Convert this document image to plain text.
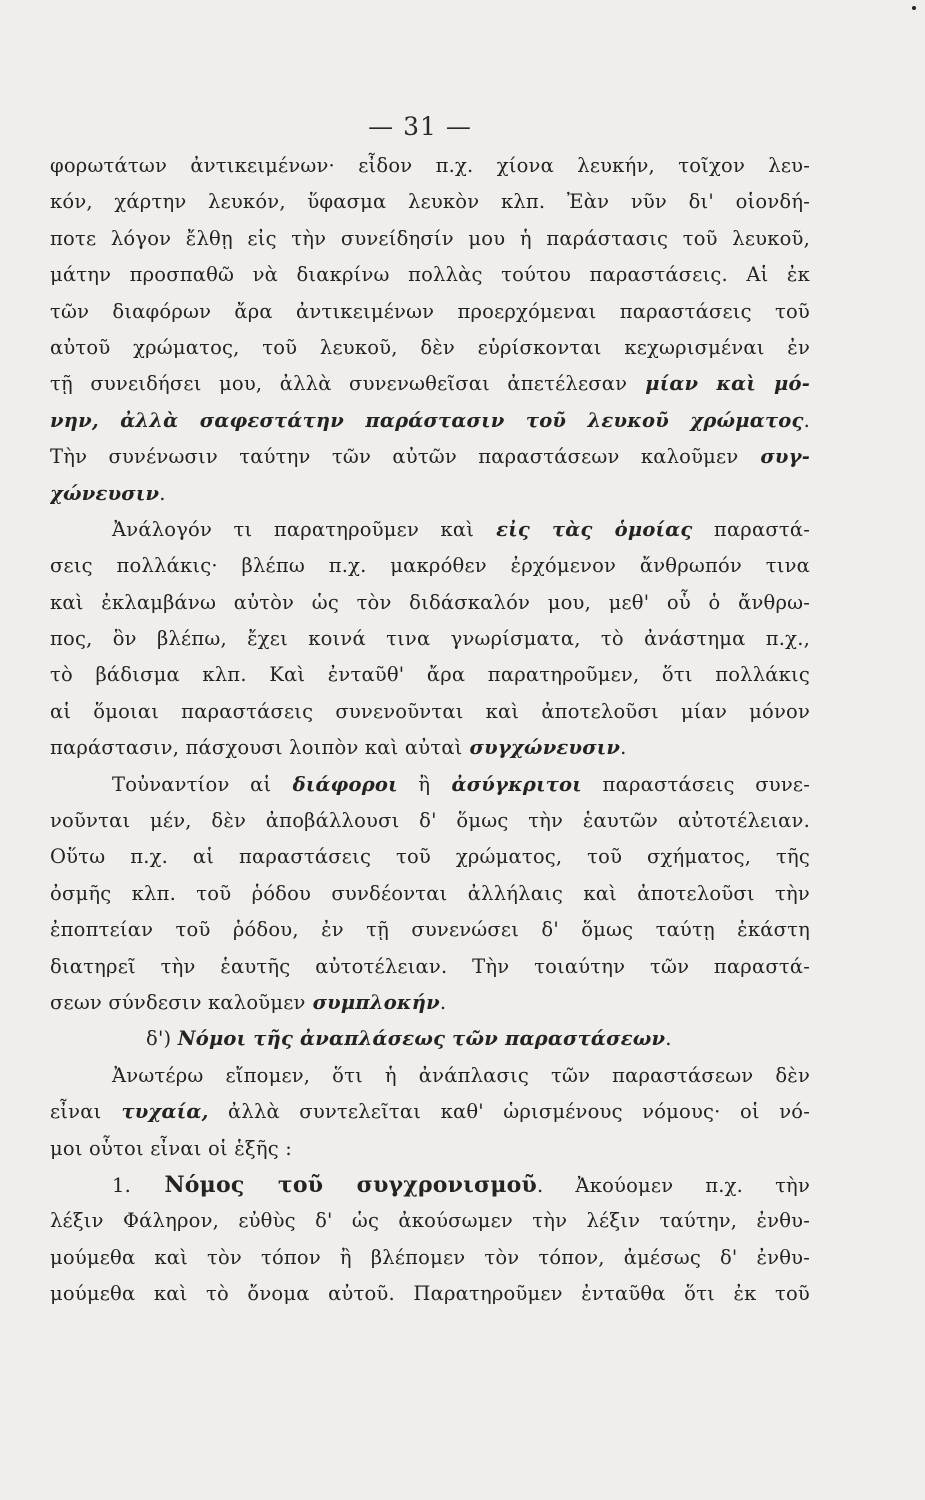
— 31 —
φορωτάτων ἀντικειμένων· εἶδον π.χ. χίονα λευκήν, τοῖχον λευ-
κόν, χάρτην λευκόν, ὕφασμα λευκὸν κλπ. Ἐὰν νῦν δι' οἱονδή-
ποτε λόγον ἔλθῃ εἰς τὴν συνείδησίν μου ἡ παράστασις τοῦ λευκοῦ,
μάτην προσπαθῶ νὰ διακρίνω πολλὰς τούτου παραστάσεις. Αἱ ἐκ
τῶν διαφόρων ἄρα ἀντικειμένων προερχόμεναι παραστάσεις τοῦ
αὐτοῦ χρώματος, τοῦ λευκοῦ, δὲν εὑρίσκονται κεχωρισμέναι ἐν
τῇ συνειδήσει μου, ἀλλὰ συνενωθεῖσαι ἀπετέλεσαν μίαν καὶ μό-
νην, ἀλλὰ σαφεστάτην παράστασιν τοῦ λευκοῦ χρώματος.
Τὴν συνένωσιν ταύτην τῶν αὐτῶν παραστάσεων καλοῦμεν συγ-
χώνευσιν.
Ἀνάλογόν τι παρατηροῦμεν καὶ εἰς τὰς ὁμοίας παραστά-
σεις πολλάκις· βλέπω π.χ. μακρόθεν ἐρχόμενον ἄνθρωπόν τινα
καὶ ἐκλαμβάνω αὐτὸν ὡς τὸν διδάσκαλόν μου, μεθ' οὗ ὁ ἄνθρω-
πος, ὃν βλέπω, ἔχει κοινά τινα γνωρίσματα, τὸ ἀνάστημα π.χ.,
τὸ βάδισμα κλπ. Καὶ ἐνταῦθ' ἄρα παρατηροῦμεν, ὅτι πολλάκις
αἱ ὅμοιαι παραστάσεις συνενοῦνται καὶ ἀποτελοῦσι μίαν μόνον
παράστασιν, πάσχουσι λοιπὸν καὶ αὐταὶ συγχώνευσιν.
Τοὐναντίον αἱ διάφοροι ἢ ἀσύγκριτοι παραστάσεις συνε-
νοῦνται μέν, δὲν ἀποβάλλουσι δ' ὅμως τὴν ἑαυτῶν αὐτοτέλειαν.
Οὕτω π.χ. αἱ παραστάσεις τοῦ χρώματος, τοῦ σχήματος, τῆς
ὀσμῆς κλπ. τοῦ ῥόδου συνδέονται ἀλλήλαις καὶ ἀποτελοῦσι τὴν
ἐποπτείαν τοῦ ῥόδου, ἐν τῇ συνενώσει δ' ὅμως ταύτῃ ἑκάστη
διατηρεῖ τὴν ἑαυτῆς αὐτοτέλειαν. Τὴν τοιαύτην τῶν παραστά-
σεων σύνδεσιν καλοῦμεν συμπλοκήν.
δ') Νόμοι τῆς ἀναπλάσεως τῶν παραστάσεων.
Ἀνωτέρω εἴπομεν, ὅτι ἡ ἀνάπλασις τῶν παραστάσεων δὲν
εἶναι τυχαία, ἀλλὰ συντελεῖται καθ' ὡρισμένους νόμους· οἱ νό-
μοι οὗτοι εἶναι οἱ ἑξῆς :
1. Νόμος τοῦ συγχρονισμοῦ. Ἀκούομεν π.χ. τὴν
λέξιν Φάληρον, εὐθὺς δ' ὡς ἀκούσωμεν τὴν λέξιν ταύτην, ἐνθυ-
μούμεθα καὶ τὸν τόπον ἢ βλέπομεν τὸν τόπον, ἀμέσως δ' ἐνθυ-
μούμεθα καὶ τὸ ὄνομα αὐτοῦ. Παρατηροῦμεν ἐνταῦθα ὅτι ἐκ τοῦ
